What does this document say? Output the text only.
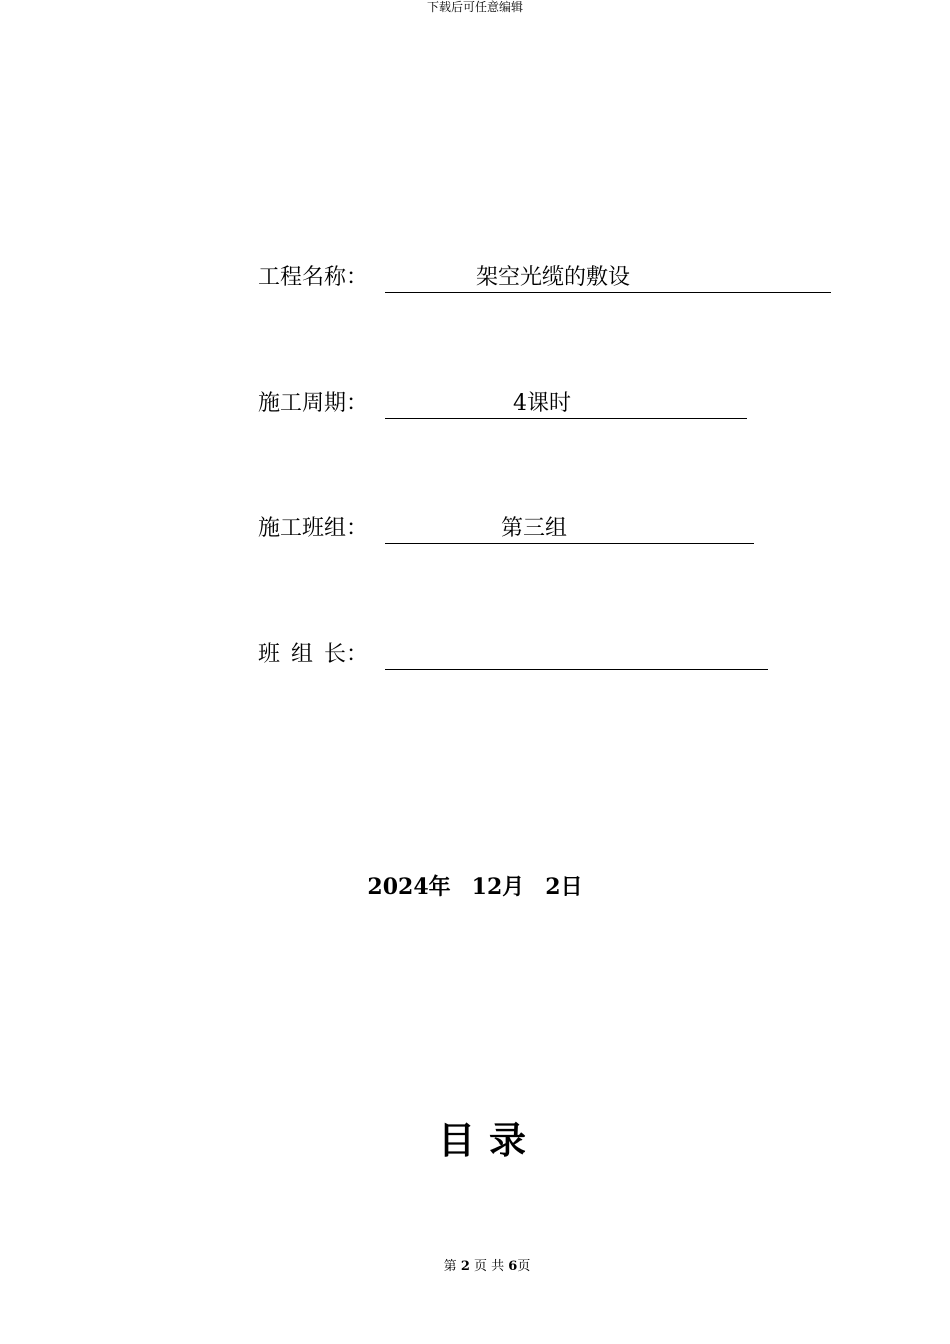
下载后可任意编辑
工程名称：	架空光缆的敷设
施工周期：	4课时
施工班组：	第三组
班 组 长：
2024年 12月 2日
目录
第 2 页 共 6页
